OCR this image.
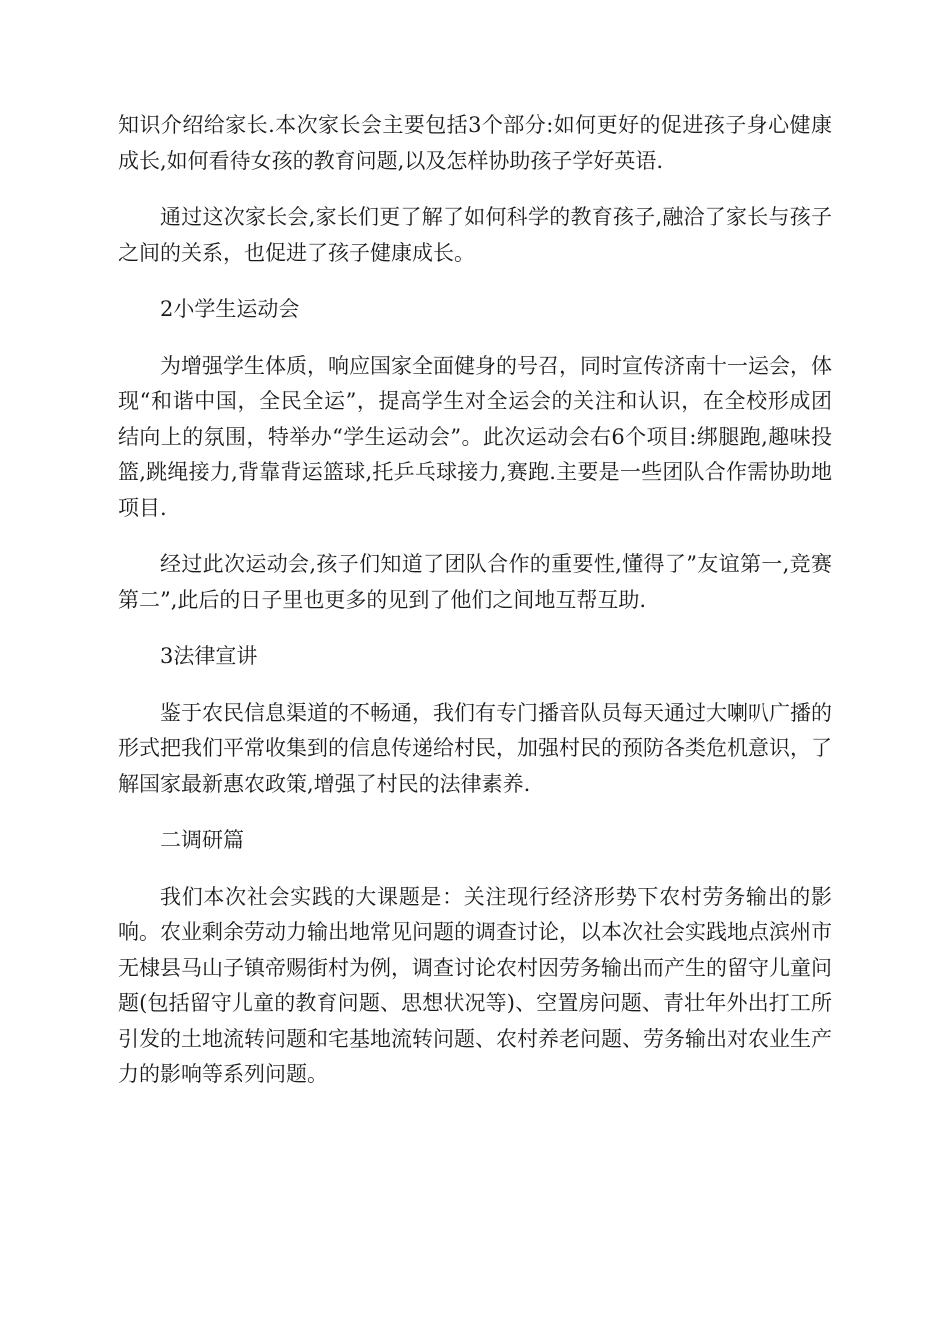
知识介绍给家长.本次家长会主要包括3个部分:如何更好的促进孩子身心健康成长,如何看待女孩的教育问题,以及怎样协助孩子学好英语.

通过这次家长会,家长们更了解了如何科学的教育孩子,融洽了家长与孩子之间的关系，也促进了孩子健康成长。

2小学生运动会

为增强学生体质，响应国家全面健身的号召，同时宣传济南十一运会，体现“和谐中国，全民全运”，提高学生对全运会的关注和认识，在全校形成团结向上的氛围，特举办“学生运动会”。此次运动会右6个项目:绑腿跑,趣味投篮,跳绳接力,背靠背运篮球,托乒乓球接力,赛跑.主要是一些团队合作需协助地项目.

经过此次运动会,孩子们知道了团队合作的重要性,懂得了”友谊第一,竞赛第二”,此后的日子里也更多的见到了他们之间地互帮互助.

3法律宣讲

鉴于农民信息渠道的不畅通，我们有专门播音队员每天通过大喇叭广播的形式把我们平常收集到的信息传递给村民，加强村民的预防各类危机意识，了解国家最新惠农政策,增强了村民的法律素养.

二调研篇

我们本次社会实践的大课题是：关注现行经济形势下农村劳务输出的影响。农业剩余劳动力输出地常见问题的调查讨论，以本次社会实践地点滨州市无棣县马山子镇帝赐街村为例，调查讨论农村因劳务输出而产生的留守儿童问题(包括留守儿童的教育问题、思想状况等)、空置房问题、青壮年外出打工所引发的土地流转问题和宅基地流转问题、农村养老问题、劳务输出对农业生产力的影响等系列问题。
